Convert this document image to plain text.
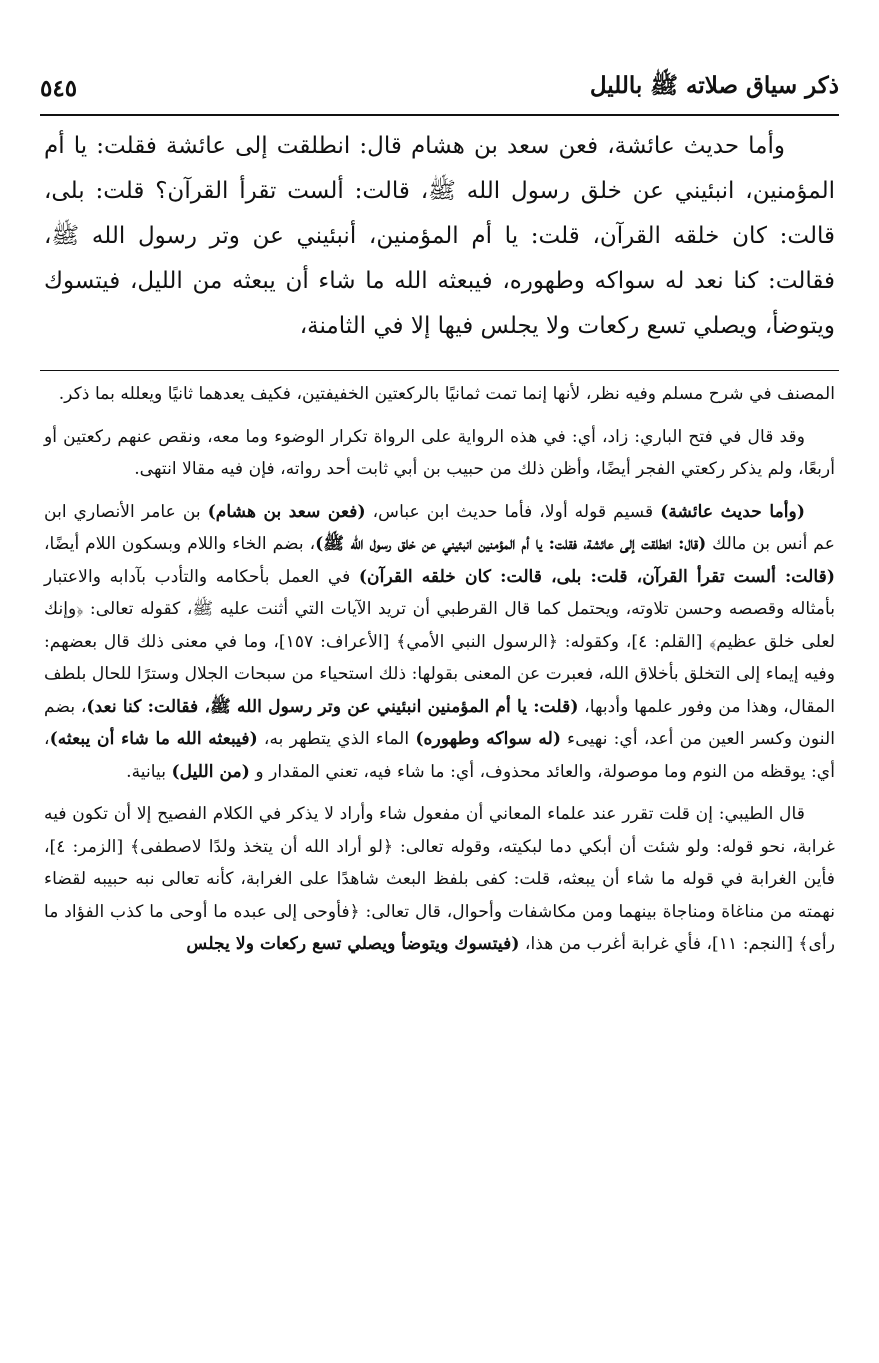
ذكر سياق صلاته ﷺ بالليل
٥٤٥

وأما حديث عائشة، فعن سعد بن هشام قال: انطلقت إلى عائشة فقلت: يا أم المؤمنين، انبئيني عن خلق رسول الله ﷺ، قالت: ألست تقرأ القرآن؟ قلت: بلى، قالت: كان خلقه القرآن، قلت: يا أم المؤمنين، أنبئيني عن وتر رسول الله ﷺ، فقالت: كنا نعد له سواكه وطهوره، فيبعثه الله ما شاء أن يبعثه من الليل، فيتسوك ويتوضأ، ويصلي تسع ركعات ولا يجلس فيها إلا في الثامنة،

المصنف في شرح مسلم وفيه نظر، لأنها إنما تمت ثمانيًا بالركعتين الخفيفتين، فكيف يعدهما ثانيًا ويعلله بما ذكر.

وقد قال في فتح الباري: زاد، أي: في هذه الرواية على الرواة تكرار الوضوء وما معه، ونقص عنهم ركعتين أو أربعًا، ولم يذكر ركعتي الفجر أيضًا، وأظن ذلك من حبيب بن أبي ثابت أحد رواته، فإن فيه مقالا انتهى.

(وأما حديث عائشة) قسيم قوله أولا، فأما حديث ابن عباس، (فعن سعد بن هشام) بن عامر الأنصاري ابن عم أنس بن مالك (قال: انطلقت إلى عائشة، فقلت: يا أم المؤمنين انبئيني عن خلق رسول الله ﷺ)، بضم الخاء واللام وبسكون اللام أيضًا، (قالت: ألست تقرأ القرآن، قلت: بلى، قالت: كان خلقه القرآن) في العمل بأحكامه والتأدب بآدابه والاعتبار بأمثاله وقصصه وحسن تلاوته، ويحتمل كما قال القرطبي أن تريد الآيات التي أثنت عليه ﷺ، كقوله تعالى: ﴿وإنك لعلى خلق عظيم﴾ [القلم: ٤]، وكقوله: ﴿الرسول النبي الأمي﴾ [الأعراف: ١٥٧]، وما في معنى ذلك قال بعضهم: وفيه إيماء إلى التخلق بأخلاق الله، فعبرت عن المعنى بقولها: ذلك استحياء من سبحات الجلال وسترًا للحال بلطف المقال، وهذا من وفور علمها وأدبها، (قلت: يا أم المؤمنين انبئيني عن وتر رسول الله ﷺ، فقالت: كنا نعد)، بضم النون وكسر العين من أعد، أي: نهيىء (له سواكه وطهوره) الماء الذي يتطهر به، (فيبعثه الله ما شاء أن يبعثه)، أي: يوقظه من النوم وما موصولة، والعائد محذوف، أي: ما شاء فيه، تعني المقدار و (من الليل) بيانية.

قال الطيبي: إن قلت تقرر عند علماء المعاني أن مفعول شاء وأراد لا يذكر في الكلام الفصيح إلا أن تكون فيه غرابة، نحو قوله: ولو شئت أن أبكي دما لبكيته، وقوله تعالى: ﴿لو أراد الله أن يتخذ ولدًا لاصطفى﴾ [الزمر: ٤]، فأين الغرابة في قوله ما شاء أن يبعثه، قلت: كفى بلفظ البعث شاهدًا على الغرابة، كأنه تعالى نبه حبيبه لقضاء نهمته من مناغاة ومناجاة بينهما ومن مكاشفات وأحوال، قال تعالى: ﴿فأوحى إلى عبده ما أوحى ما كذب الفؤاد ما رأى﴾ [النجم: ١١]، فأي غرابة أغرب من هذا، (فيتسوك ويتوضأ ويصلي تسع ركعات ولا يجلس
